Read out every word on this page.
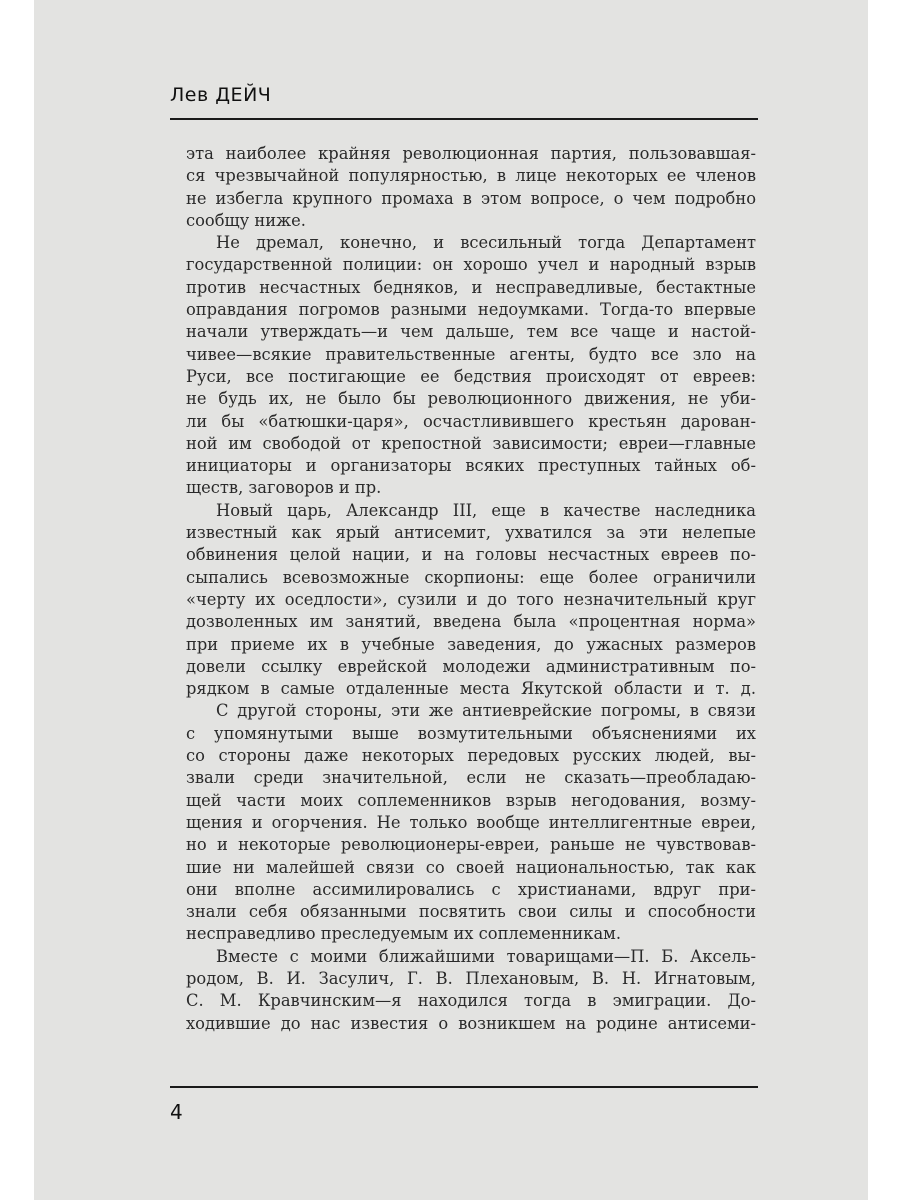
Лев ДЕЙЧ

эта наиболее крайняя революционная партия, пользовавшая-
ся чрезвычайной популярностью, в лице некоторых ее членов
не избегла крупного промаха в этом вопросе, о чем подробно
сообщу ниже.

Не дремал, конечно, и всесильный тогда Департамент
государственной полиции: он хорошо учел и народный взрыв
против несчастных бедняков, и несправедливые, бестактные
оправдания погромов разными недоумками. Тогда-то впервые
начали утверждать—и чем дальше, тем все чаще и настой-
чивее—всякие правительственные агенты, будто все зло на
Руси, все постигающие ее бедствия происходят от евреев:
не будь их, не было бы революционного движения, не уби-
ли бы «батюшки-царя», осчастливившего крестьян дарован-
ной им свободой от крепостной зависимости; евреи—главные
инициаторы и организаторы всяких преступных тайных об-
ществ, заговоров и пр.

Новый царь, Александр III, еще в качестве наследника
известный как ярый антисемит, ухватился за эти нелепые
обвинения целой нации, и на головы несчастных евреев по-
сыпались всевозможные скорпионы: еще более ограничили
«черту их оседлости», сузили и до того незначительный круг
дозволенных им занятий, введена была «процентная норма»
при приеме их в учебные заведения, до ужасных размеров
довели ссылку еврейской молодежи административным по-
рядком в самые отдаленные места Якутской области и т. д.

С другой стороны, эти же антиеврейские погромы, в связи
с упомянутыми выше возмутительными объяснениями их
со стороны даже некоторых передовых русских людей, вы-
звали среди значительной, если не сказать—преобладаю-
щей части моих соплеменников взрыв негодования, возму-
щения и огорчения. Не только вообще интеллигентные евреи,
но и некоторые революционеры-евреи, раньше не чувствовав-
шие ни малейшей связи со своей национальностью, так как
они вполне ассимилировались с христианами, вдруг при-
знали себя обязанными посвятить свои силы и способности
несправедливо преследуемым их соплеменникам.

Вместе с моими ближайшими товарищами—П. Б. Аксель-
родом, В. И. Засулич, Г. В. Плехановым, В. Н. Игнатовым,
С. М. Кравчинским—я находился тогда в эмиграции. До-
ходившие до нас известия о возникшем на родине антисеми-

4
